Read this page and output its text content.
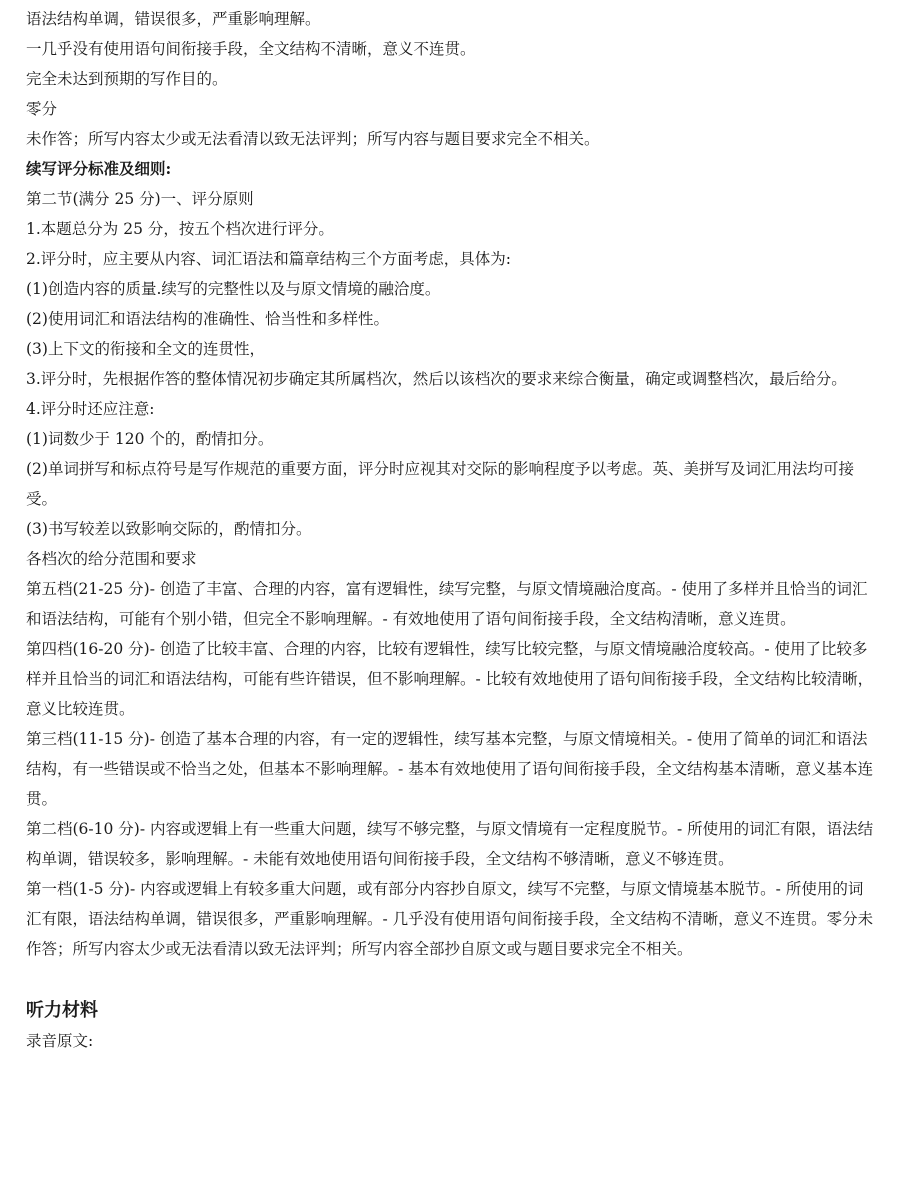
语法结构单调，错误很多，严重影响理解。

一几乎没有使用语句间衔接手段，全文结构不清晰，意义不连贯。

完全未达到预期的写作目的。

零分

未作答；所写内容太少或无法看清以致无法评判；所写内容与题目要求完全不相关。

续写评分标准及细则:

第二节(满分 25 分)一、评分原则

1.本题总分为 25 分，按五个档次进行评分。

2.评分时，应主要从内容、词汇语法和篇章结构三个方面考虑，具体为:

(1)创造内容的质量.续写的完整性以及与原文情境的融洽度。

(2)使用词汇和语法结构的准确性、恰当性和多样性。

(3)上下文的衔接和全文的连贯性，

3.评分时，先根据作答的整体情况初步确定其所属档次，然后以该档次的要求来综合衡量，确定或调整档次，最后给分。

4.评分时还应注意:

(1)词数少于 120 个的，酌情扣分。

(2)单词拼写和标点符号是写作规范的重要方面，评分时应视其对交际的影响程度予以考虑。英、美拼写及词汇用法均可接受。

(3)书写较差以致影响交际的，酌情扣分。

各档次的给分范围和要求

第五档(21-25 分)- 创造了丰富、合理的内容，富有逻辑性，续写完整，与原文情境融洽度高。- 使用了多样并且恰当的词汇和语法结构，可能有个别小错，但完全不影响理解。- 有效地使用了语句间衔接手段，全文结构清晰，意义连贯。

第四档(16-20 分)- 创造了比较丰富、合理的内容，比较有逻辑性，续写比较完整，与原文情境融洽度较高。- 使用了比较多样并且恰当的词汇和语法结构，可能有些许错误，但不影响理解。- 比较有效地使用了语句间衔接手段，全文结构比较清晰，意义比较连贯。

第三档(11-15 分)- 创造了基本合理的内容，有一定的逻辑性，续写基本完整，与原文情境相关。- 使用了简单的词汇和语法结构，有一些错误或不恰当之处，但基本不影响理解。- 基本有效地使用了语句间衔接手段，全文结构基本清晰，意义基本连贯。

第二档(6-10 分)- 内容或逻辑上有一些重大问题，续写不够完整，与原文情境有一定程度脱节。- 所使用的词汇有限，语法结构单调，错误较多，影响理解。- 未能有效地使用语句间衔接手段，全文结构不够清晰，意义不够连贯。

第一档(1-5 分)- 内容或逻辑上有较多重大问题，或有部分内容抄自原文，续写不完整，与原文情境基本脱节。- 所使用的词汇有限，语法结构单调，错误很多，严重影响理解。- 几乎没有使用语句间衔接手段，全文结构不清晰，意义不连贯。零分未作答；所写内容太少或无法看清以致无法评判；所写内容全部抄自原文或与题目要求完全不相关。

听力材料

录音原文:
